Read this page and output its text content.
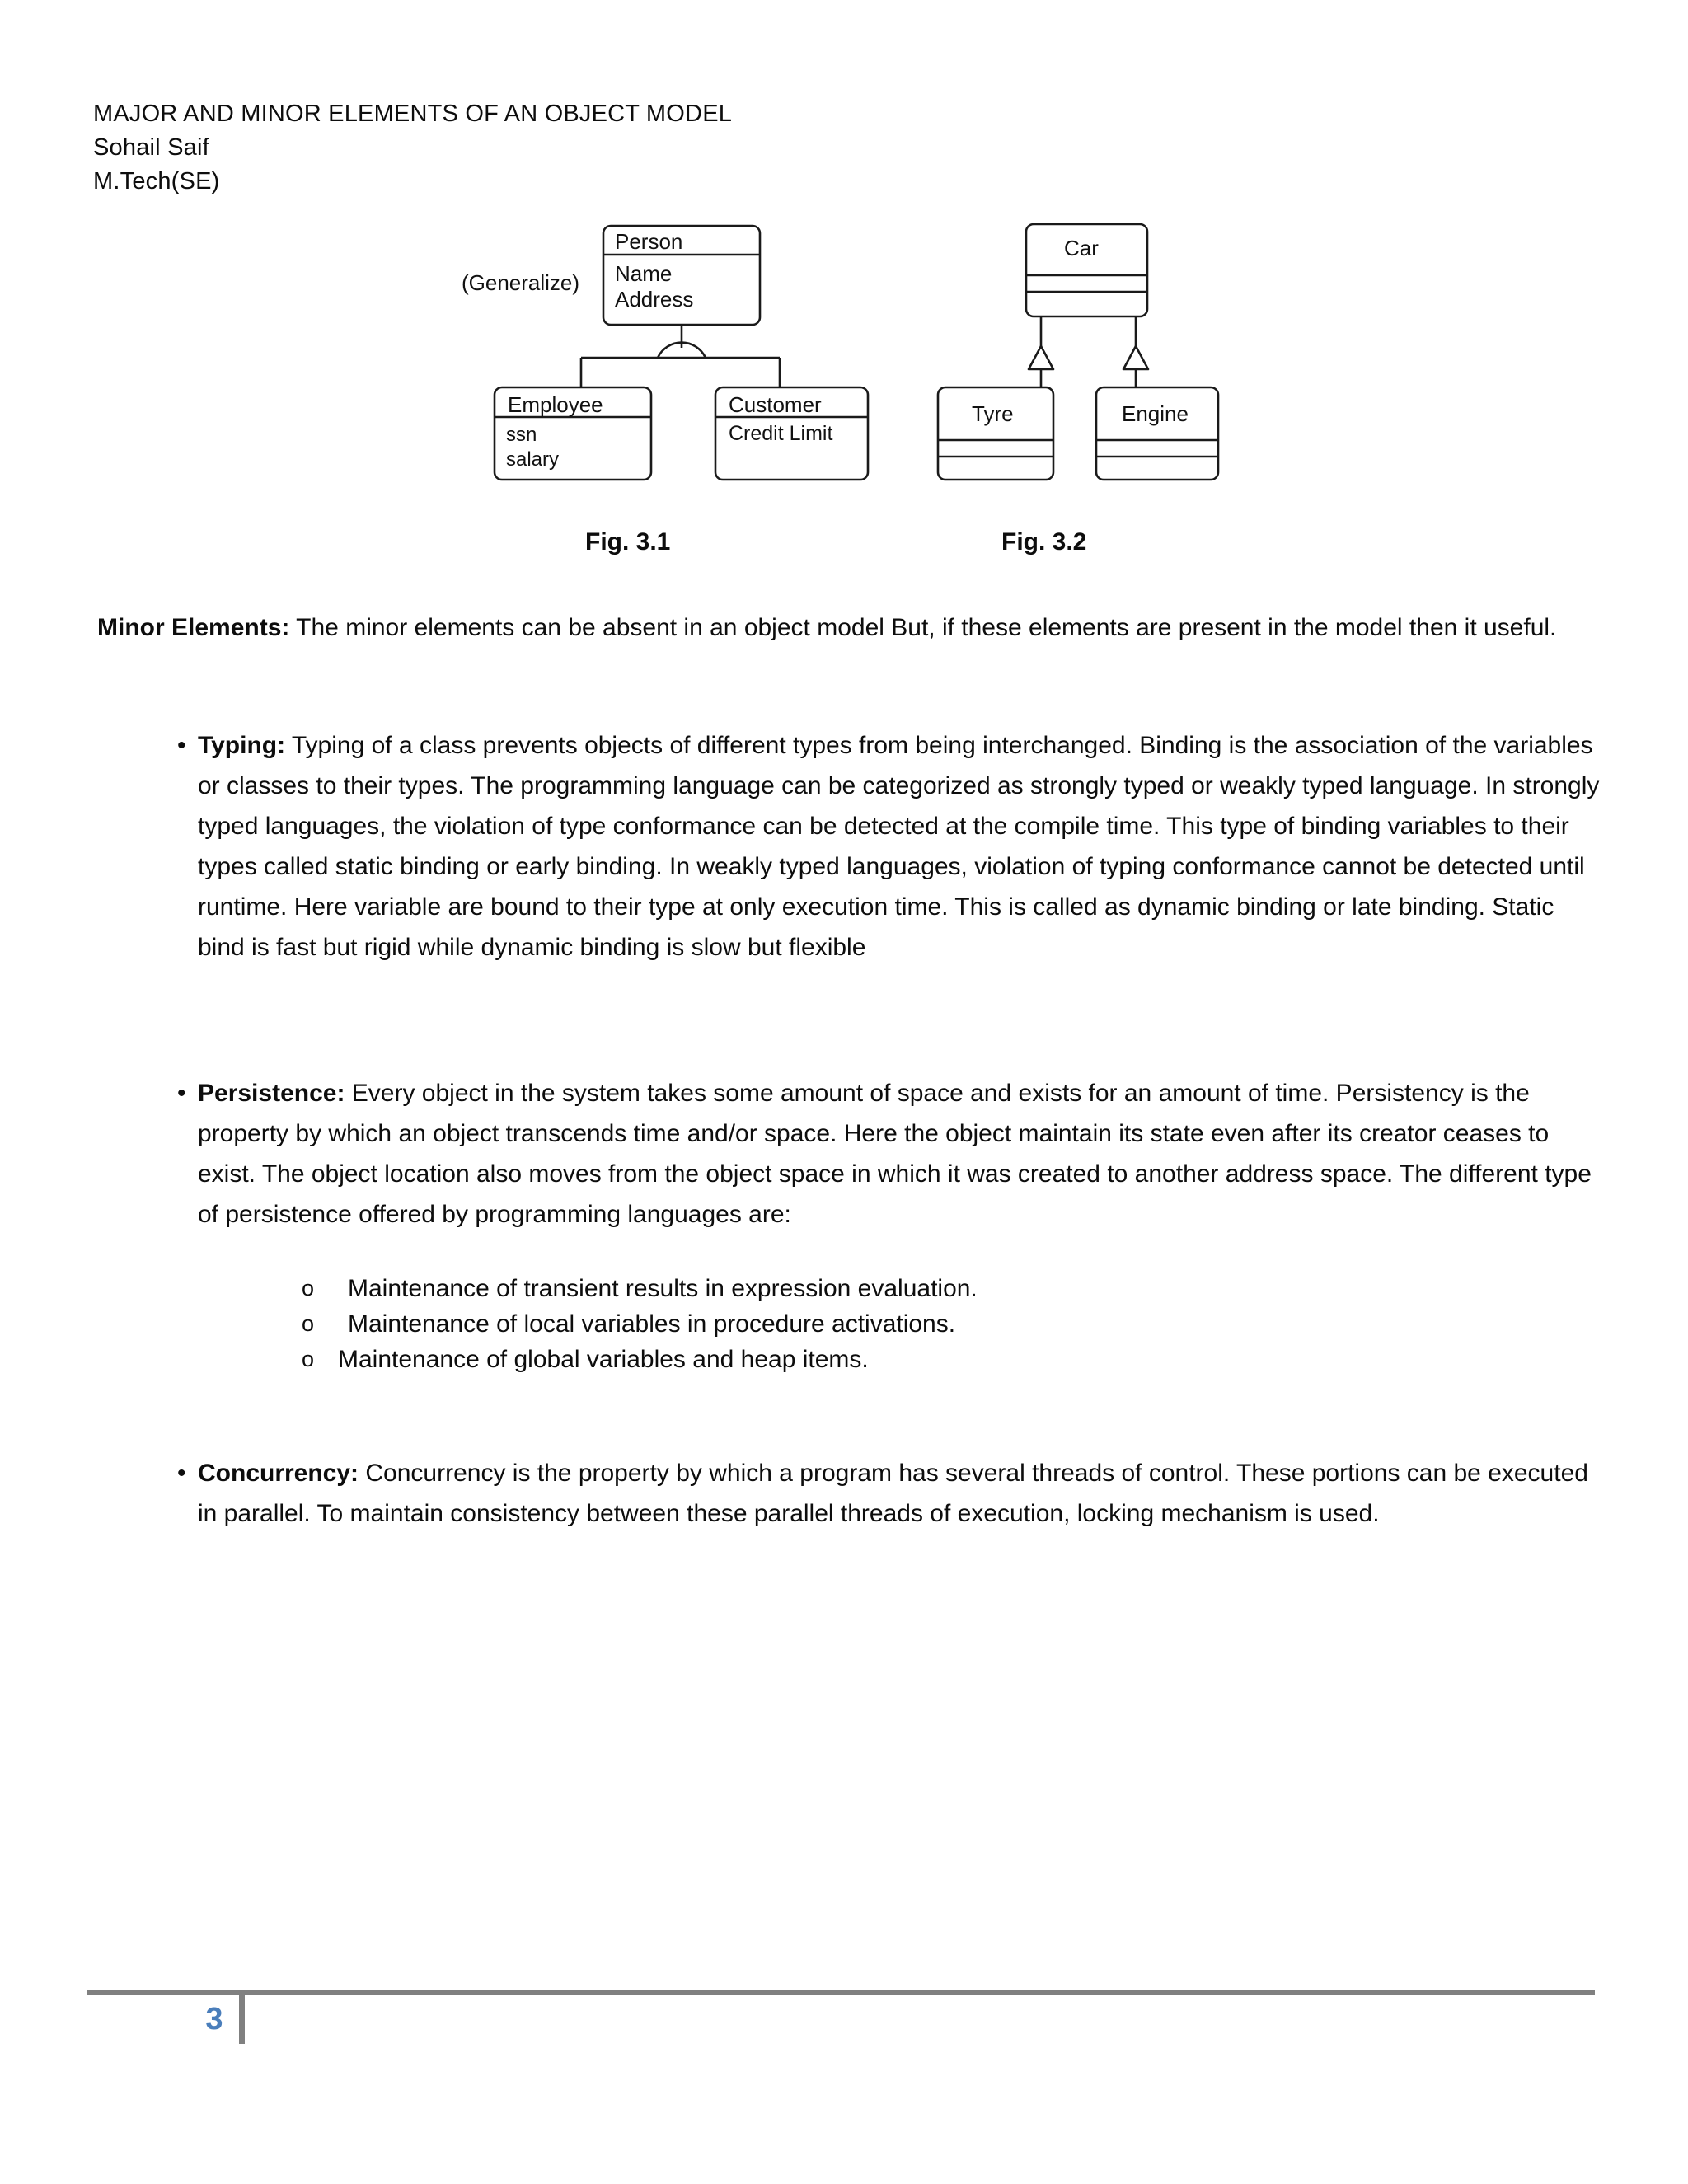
MAJOR AND MINOR ELEMENTS OF AN OBJECT MODEL
Sohail Saif
M.Tech(SE)
(Generalize)
Person
Name
Address
Employee
ssn
salary
Customer
Credit Limit
Car
Tyre	Engine
Fig. 3.1	Fig. 3.2

Minor Elements: The minor elements can be absent in an object model But, if these elements are present in the model then it useful.

• Typing: Typing of a class prevents objects of different types from being interchanged. Binding is the association of the variables or classes to their types. The programming language can be categorized as strongly typed or weakly typed language. In strongly typed languages, the violation of type conformance can be detected at the compile time. This type of binding variables to their types called static binding or early binding. In weakly typed languages, violation of typing conformance cannot be detected until runtime. Here variable are bound to their type at only execution time. This is called as dynamic binding or late binding. Static bind is fast but rigid while dynamic binding is slow but flexible
• Persistence: Every object in the system takes some amount of space and exists for an amount of time. Persistency is the property by which an object transcends time and/or space. Here the object maintain its state even after its creator ceases to exist. The object location also moves from the object space in which it was created to another address space. The different type of persistence offered by programming languages are:
o Maintenance of transient results in expression evaluation.
o Maintenance of local variables in procedure activations.
o Maintenance of global variables and heap items.
• Concurrency: Concurrency is the property by which a program has several threads of control. These portions can be executed in parallel. To maintain consistency between these parallel threads of execution, locking mechanism is used.
3
